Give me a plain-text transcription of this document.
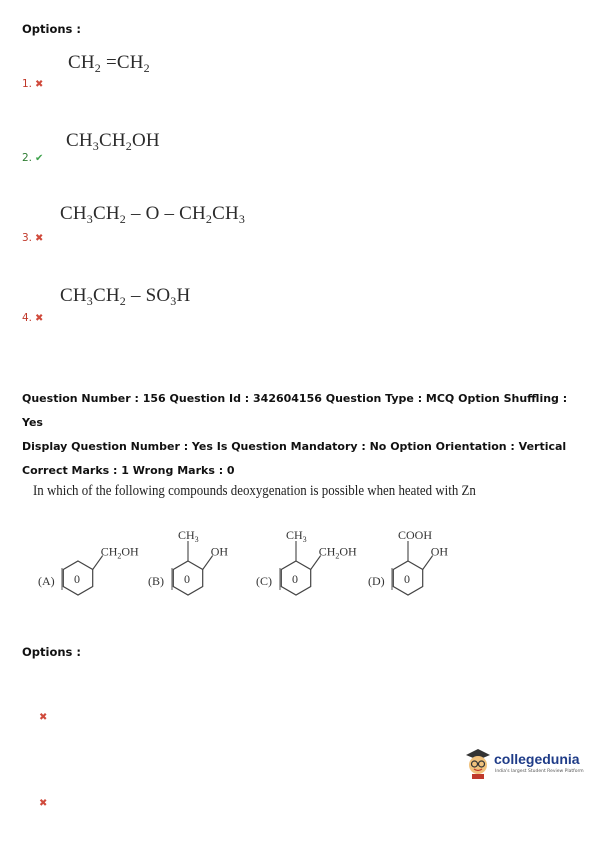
Options :
$CH_2 =CH_2$
1. ✖
$CH_3CH_2OH$
2. ✔
$CH_3CH_2$ – O – $CH_2CH_3$
3. ✖
$CH_3CH_2 - SO_3H$
4. ✖
Question Number : 156 Question Id : 342604156 Question Type : MCQ Option Shuffling : Yes
Display Question Number : Yes Is Question Mandatory : No Option Orientation : Vertical
Correct Marks : 1 Wrong Marks : 0
In which of the following compounds deoxygenation is possible when heated with Zn
(A) 0
$CH_2OH$
(B) 0
OH
$CH_3$
(C) 0
$CH_2OH$
$CH_3$
(D) 0
OH
COOH
Options :
✖
✖
collegedunia
India's largest Student Review Platform
